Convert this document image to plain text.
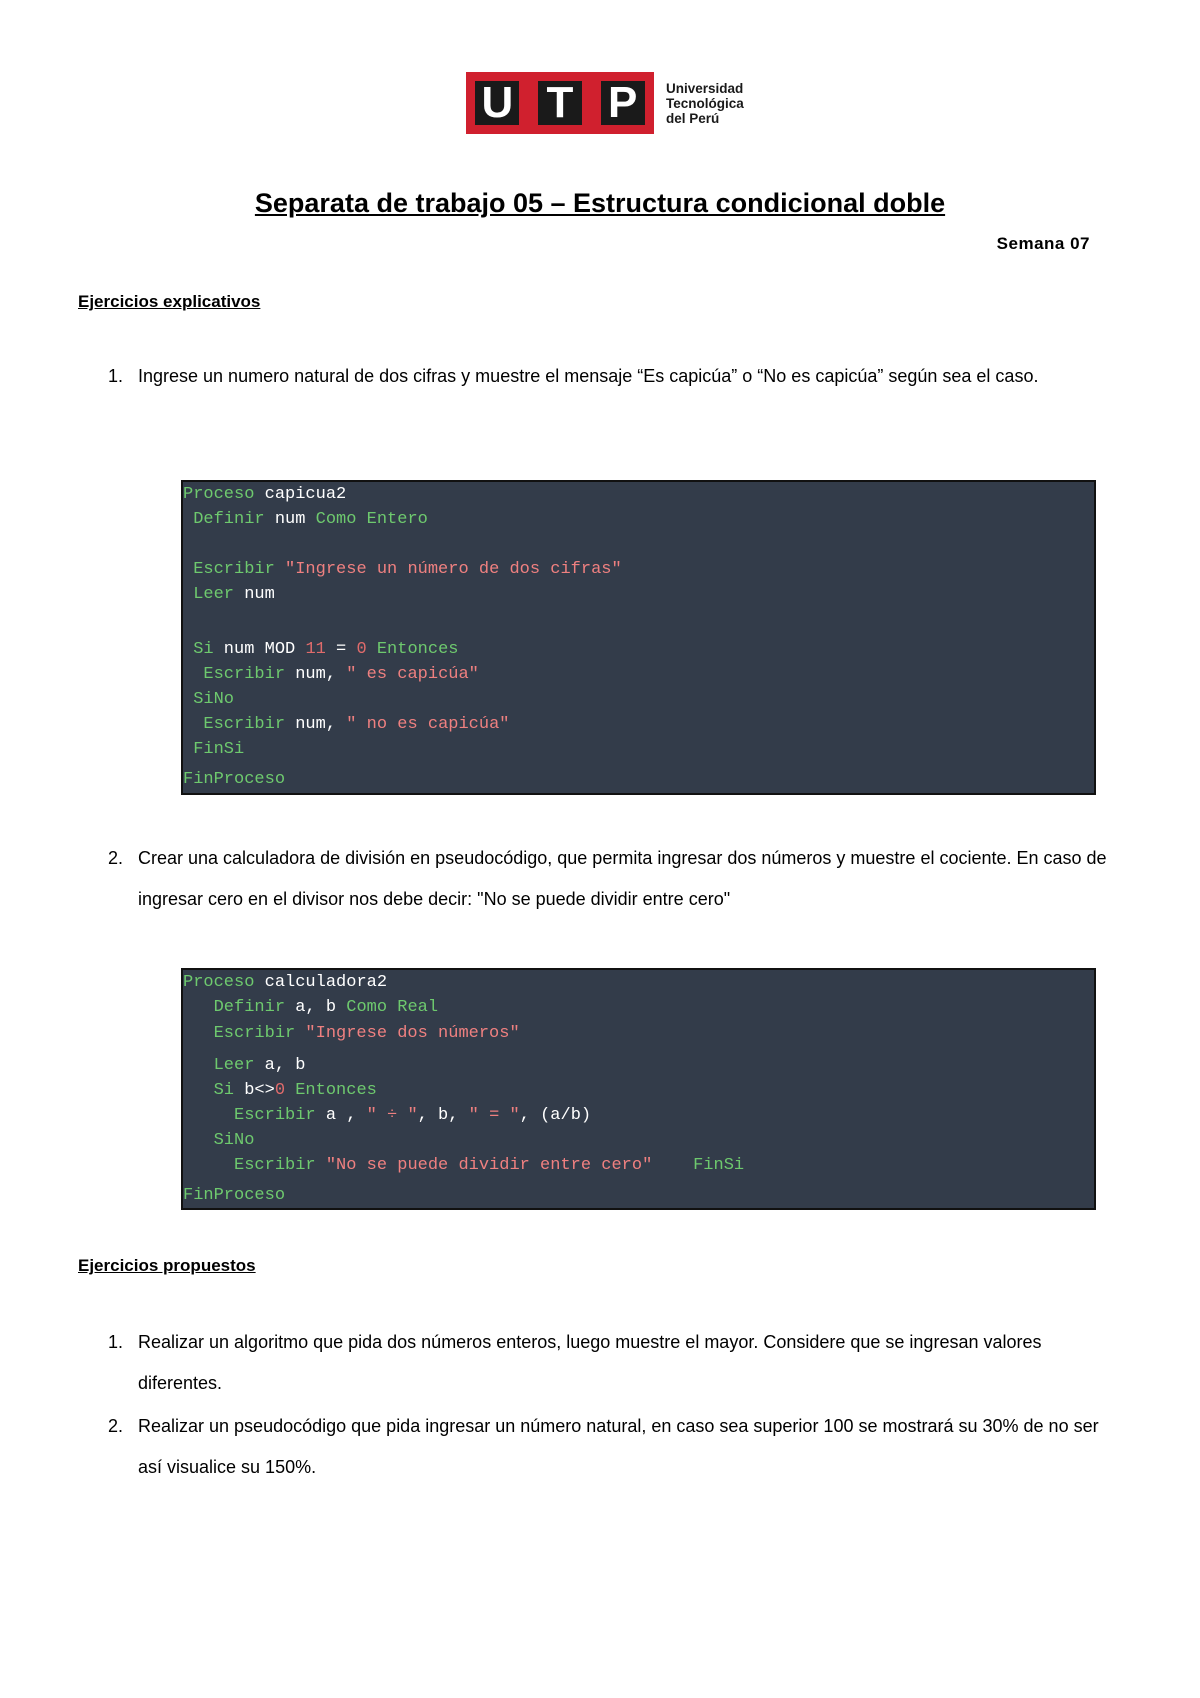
U T P	Universidad
Tecnológica
del Perú
Separata de trabajo 05 – Estructura condicional doble
Semana 07
Ejercicios explicativos
1. Ingrese un numero natural de dos cifras y muestre el mensaje “Es capicúa” o “No es capicúa” según sea el caso.
Proceso capicua2
Definir num Como Entero
Escribir "Ingrese un número de dos cifras"
Leer num
Si num MOD 11 = 0 Entonces
Escribir num, " es capicúa"
SiNo
Escribir num, " no es capicúa"
FinSi
FinProceso
2. Crear una calculadora de división en pseudocódigo, que permita ingresar dos números y muestre el cociente. En caso de ingresar cero en el divisor nos debe decir: "No se puede dividir entre cero"
Proceso calculadora2
Definir a, b Como Real
Escribir "Ingrese dos números"
Leer a, b
Si b<>0 Entonces
Escribir a , " ÷ ", b, " = ", (a/b)
SiNo
Escribir "No se puede dividir entre cero" FinSi
FinProceso
Ejercicios propuestos
1. Realizar un algoritmo que pida dos números enteros, luego muestre el mayor. Considere que se ingresan valores diferentes.
2. Realizar un pseudocódigo que pida ingresar un número natural, en caso sea superior 100 se mostrará su 30% de no ser así visualice su 150%.
